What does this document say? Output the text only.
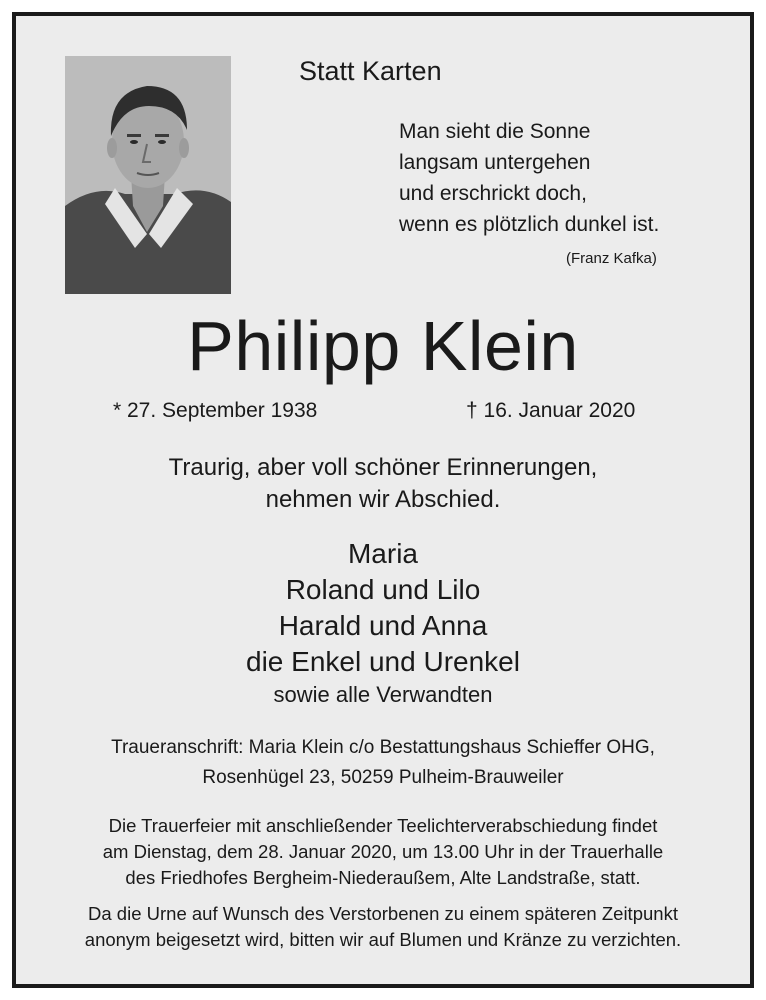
Statt Karten
Man sieht die Sonne
langsam untergehen
und erschrickt doch,
wenn es plötzlich dunkel ist.
(Franz Kafka)
Philipp Klein
* 27. September 1938	† 16. Januar 2020
Traurig, aber voll schöner Erinnerungen,
nehmen wir Abschied.
Maria
Roland und Lilo
Harald und Anna
die Enkel und Urenkel
sowie alle Verwandten
Traueranschrift: Maria Klein c/o Bestattungshaus Schieffer OHG,
Rosenhügel 23, 50259 Pulheim-Brauweiler
Die Trauerfeier mit anschließender Teelichterverabschiedung findet
am Dienstag, dem 28. Januar 2020, um 13.00 Uhr in der Trauerhalle
des Friedhofes Bergheim-Niederaußem, Alte Landstraße, statt.
Da die Urne auf Wunsch des Verstorbenen zu einem späteren Zeitpunkt
anonym beigesetzt wird, bitten wir auf Blumen und Kränze zu verzichten.
